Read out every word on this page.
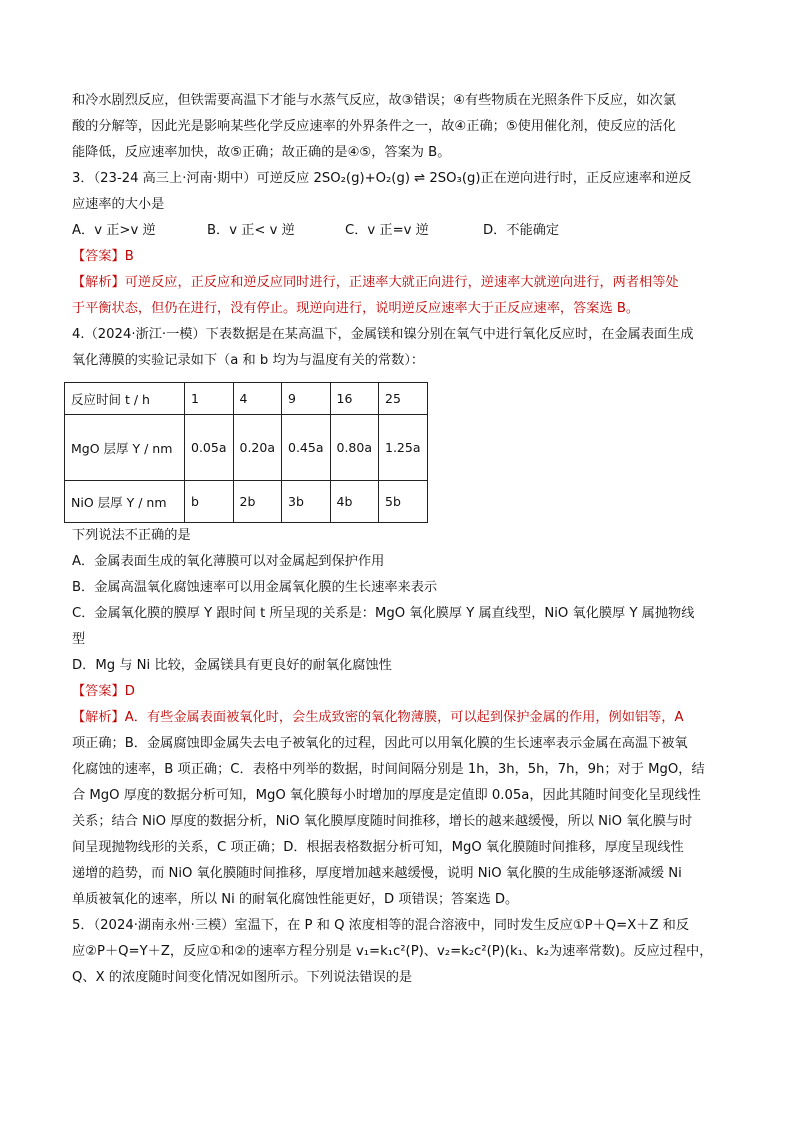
和冷水剧烈反应，但铁需要高温下才能与水蒸气反应，故③错误；④有些物质在光照条件下反应，如次氯

酸的分解等，因此光是影响某些化学反应速率的外界条件之一，故④正确；⑤使用催化剂，使反应的活化

能降低，反应速率加快，故⑤正确；故正确的是④⑤，答案为 B。

3．（23-24 高三上·河南·期中）可逆反应 2SO₂(g)+O₂(g) ⇌ 2SO₃(g)正在逆向进行时，正反应速率和逆反

应速率的大小是

A．v 正>v 逆	B．v 正< v 逆	C．v 正=v 逆	D．不能确定

【答案】B

【解析】可逆反应，正反应和逆反应同时进行，正速率大就正向进行，逆速率大就逆向进行，两者相等处

于平衡状态，但仍在进行，没有停止。现逆向进行，说明逆反应速率大于正反应速率，答案选 B。

4.（2024·浙江·一模）下表数据是在某高温下，金属镁和镍分别在氧气中进行氧化反应时，在金属表面生成

氧化薄膜的实验记录如下（a 和 b 均为与温度有关的常数）：

反应时间 t / h	1	4	9	16	25
MgO 层厚 Y / nm	0.05a	0.20a	0.45a	0.80a	1.25a
NiO 层厚 Y / nm	b	2b	3b	4b	5b

下列说法不正确的是

A．金属表面生成的氧化薄膜可以对金属起到保护作用

B．金属高温氧化腐蚀速率可以用金属氧化膜的生长速率来表示

C．金属氧化膜的膜厚 Y 跟时间 t 所呈现的关系是：MgO 氧化膜厚 Y 属直线型，NiO 氧化膜厚 Y 属抛物线

型

D．Mg 与 Ni 比较，金属镁具有更良好的耐氧化腐蚀性

【答案】D

【解析】A．有些金属表面被氧化时，会生成致密的氧化物薄膜，可以起到保护金属的作用，例如铝等，A

项正确；B．金属腐蚀即金属失去电子被氧化的过程，因此可以用氧化膜的生长速率表示金属在高温下被氧

化腐蚀的速率，B 项正确；C．表格中列举的数据，时间间隔分别是 1h，3h，5h，7h，9h；对于 MgO，结

合 MgO 厚度的数据分析可知，MgO 氧化膜每小时增加的厚度是定值即 0.05a，因此其随时间变化呈现线性

关系；结合 NiO 厚度的数据分析，NiO 氧化膜厚度随时间推移，增长的越来越缓慢，所以 NiO 氧化膜与时

间呈现抛物线形的关系，C 项正确；D．根据表格数据分析可知，MgO 氧化膜随时间推移，厚度呈现线性

递增的趋势，而 NiO 氧化膜随时间推移，厚度增加越来越缓慢，说明 NiO 氧化膜的生成能够逐渐减缓 Ni

单质被氧化的速率，所以 Ni 的耐氧化腐蚀性能更好，D 项错误；答案选 D。

5．（2024·湖南永州·三模）室温下，在 P 和 Q 浓度相等的混合溶液中，同时发生反应①P＋Q=X＋Z 和反

应②P＋Q=Y＋Z，反应①和②的速率方程分别是 v₁=k₁c²(P)、v₂=k₂c²(P)(k₁、k₂为速率常数)。反应过程中，

Q、X 的浓度随时间变化情况如图所示。下列说法错误的是
